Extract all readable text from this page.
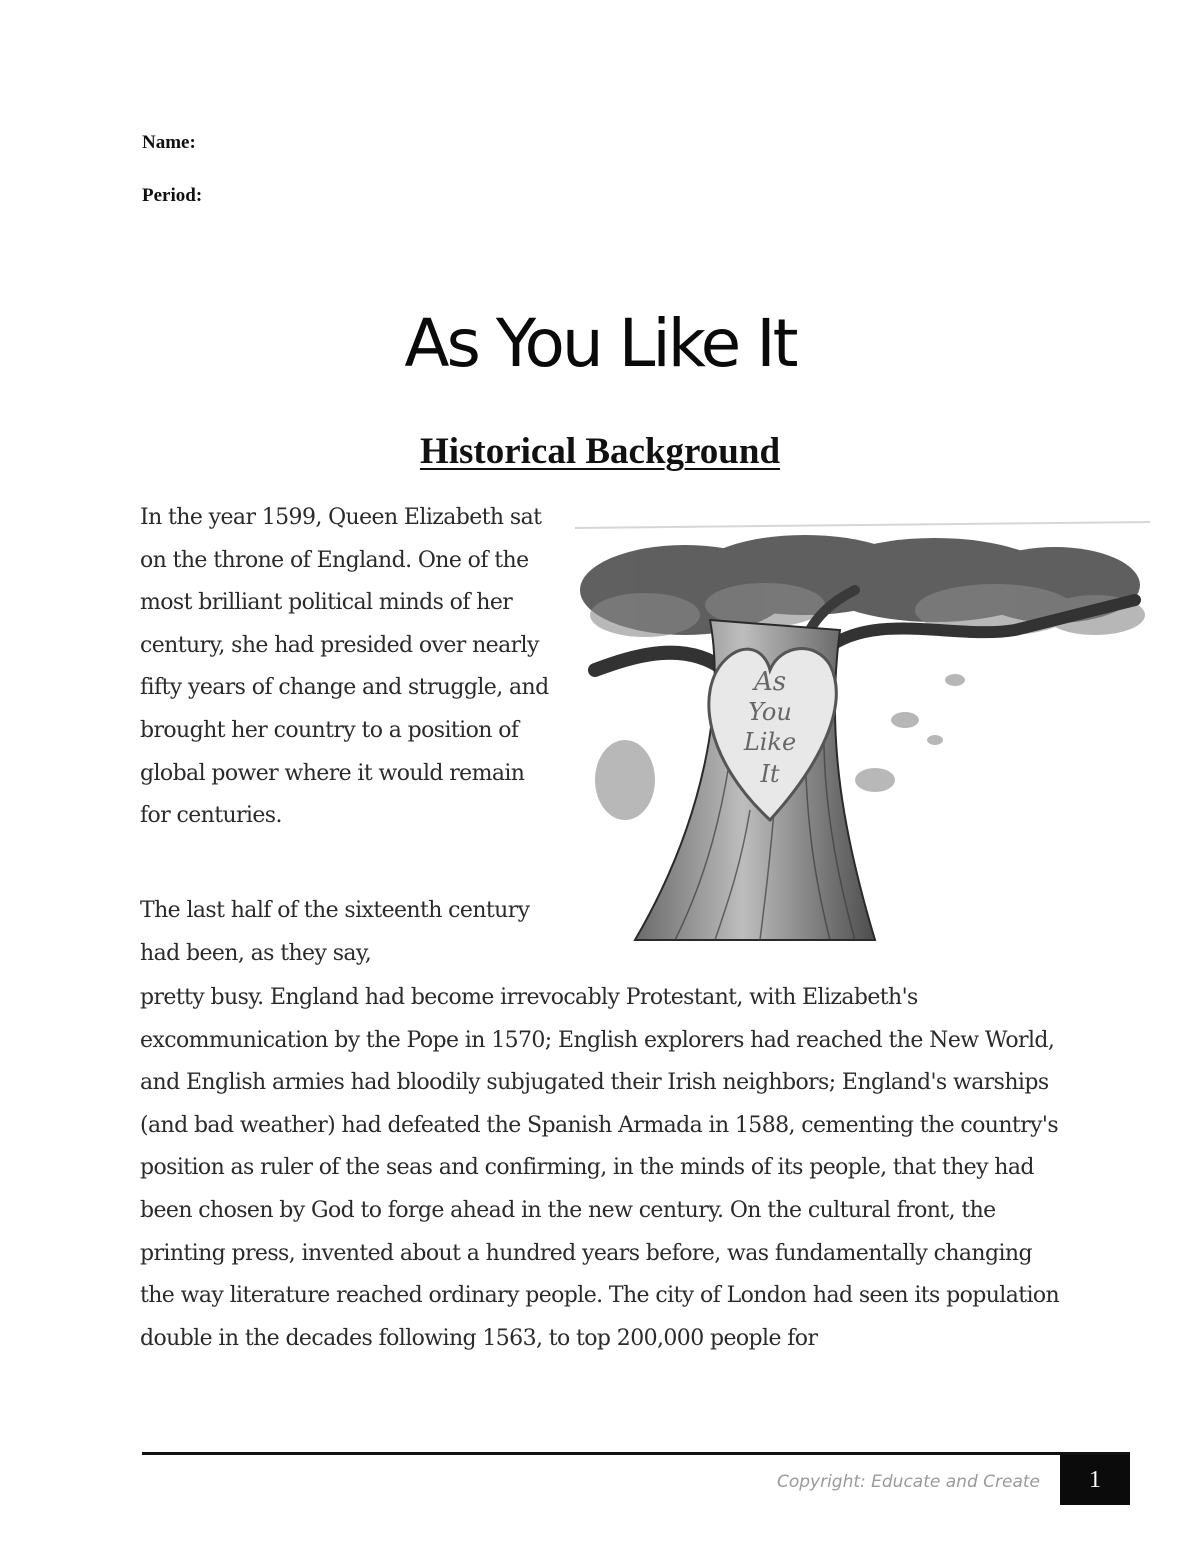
Name:
Period:
As You Like It
Historical Background

In the year 1599, Queen Elizabeth sat on the throne of England. One of the most brilliant political minds of her century, she had presided over nearly fifty years of change and struggle, and brought her country to a position of global power where it would remain for centuries.

The last half of the sixteenth century had been, as they say,

pretty busy. England had become irrevocably Protestant, with Elizabeth's excommunication by the Pope in 1570; English explorers had reached the New World, and English armies had bloodily subjugated their Irish neighbors; England's warships (and bad weather) had defeated the Spanish Armada in 1588, cementing the country's position as ruler of the seas and confirming, in the minds of its people, that they had been chosen by God to forge ahead in the new century. On the cultural front, the printing press, invented about a hundred years before, was fundamentally changing the way literature reached ordinary people. The city of London had seen its population double in the decades following 1563, to top 200,000 people for

As
You
Like
It
Copyright: Educate and Create	1
